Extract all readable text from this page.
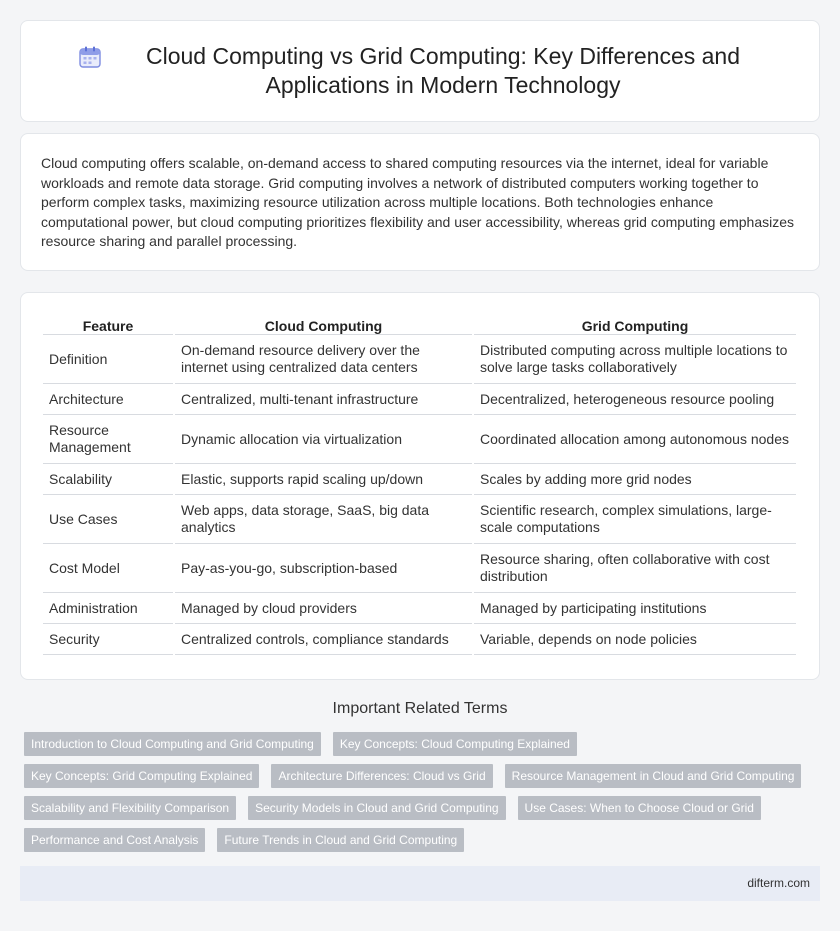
Cloud Computing vs Grid Computing: Key Differences and Applications in Modern Technology

Cloud computing offers scalable, on-demand access to shared computing resources via the internet, ideal for variable workloads and remote data storage. Grid computing involves a network of distributed computers working together to perform complex tasks, maximizing resource utilization across multiple locations. Both technologies enhance computational power, but cloud computing prioritizes flexibility and user accessibility, whereas grid computing emphasizes resource sharing and parallel processing.

Feature	Cloud Computing	Grid Computing
Definition	On-demand resource delivery over the internet using centralized data centers	Distributed computing across multiple locations to solve large tasks collaboratively
Architecture	Centralized, multi-tenant infrastructure	Decentralized, heterogeneous resource pooling
Resource Management	Dynamic allocation via virtualization	Coordinated allocation among autonomous nodes
Scalability	Elastic, supports rapid scaling up/down	Scales by adding more grid nodes
Use Cases	Web apps, data storage, SaaS, big data analytics	Scientific research, complex simulations, large-scale computations
Cost Model	Pay-as-you-go, subscription-based	Resource sharing, often collaborative with cost distribution
Administration	Managed by cloud providers	Managed by participating institutions
Security	Centralized controls, compliance standards	Variable, depends on node policies
Important Related Terms
Introduction to Cloud Computing and Grid Computing	Key Concepts: Cloud Computing Explained
Key Concepts: Grid Computing Explained	Architecture Differences: Cloud vs Grid	Resource Management in Cloud and Grid Computing
Scalability and Flexibility Comparison	Security Models in Cloud and Grid Computing	Use Cases: When to Choose Cloud or Grid
Performance and Cost Analysis	Future Trends in Cloud and Grid Computing
difterm.com
